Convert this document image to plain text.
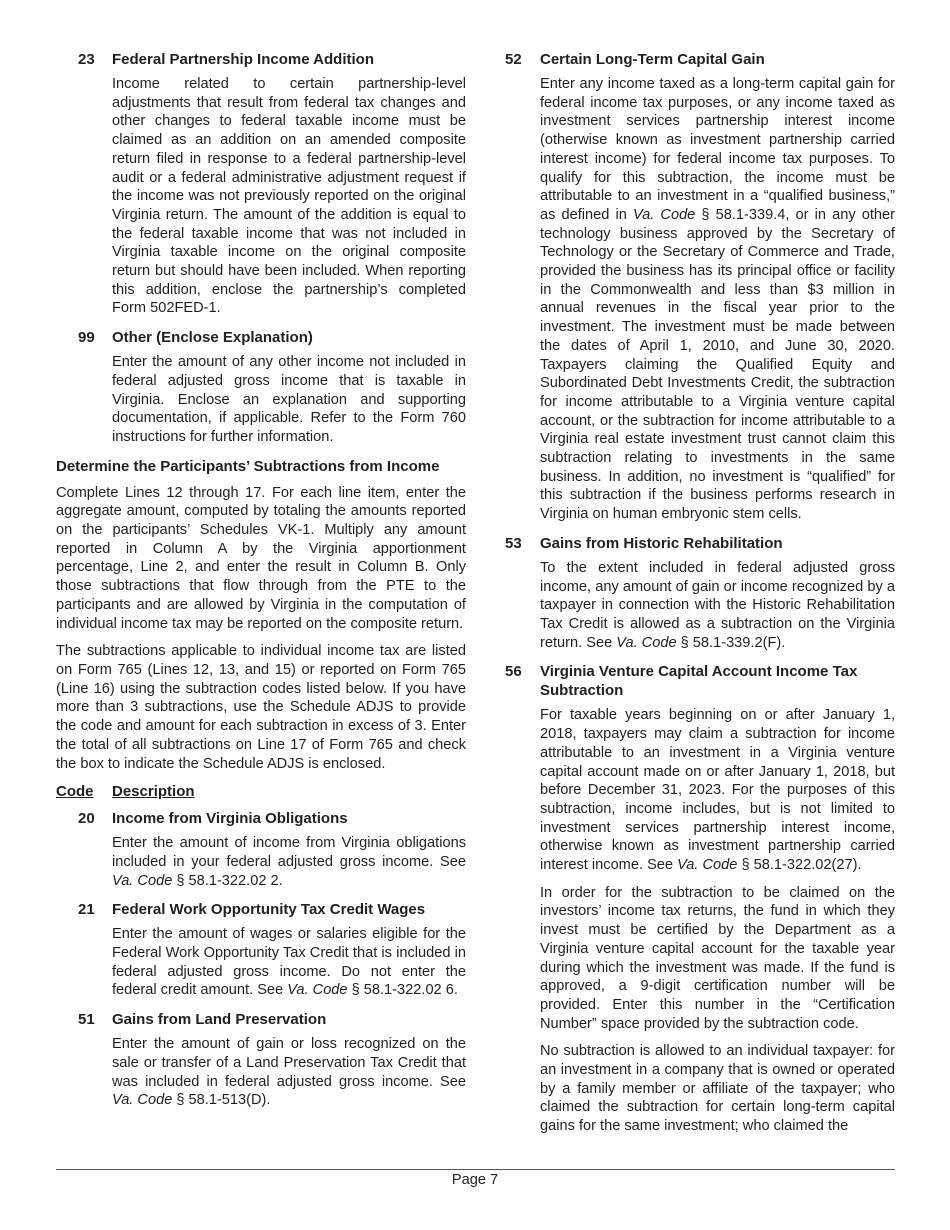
23	Federal Partnership Income Addition

Income related to certain partnership-level adjustments that result from federal tax changes and other changes to federal taxable income must be claimed as an addition on an amended composite return filed in response to a federal partnership-level audit or a federal administrative adjustment request if the income was not previously reported on the original Virginia return. The amount of the addition is equal to the federal taxable income that was not included in Virginia taxable income on the original composite return but should have been included. When reporting this addition, enclose the partnership’s completed Form 502FED-1.

99	Other (Enclose Explanation)

Enter the amount of any other income not included in federal adjusted gross income that is taxable in Virginia. Enclose an explanation and supporting documentation, if applicable. Refer to the Form 760 instructions for further information.

Determine the Participants’ Subtractions from Income

Complete Lines 12 through 17. For each line item, enter the aggregate amount, computed by totaling the amounts reported on the participants’ Schedules VK-1. Multiply any amount reported in Column A by the Virginia apportionment percentage, Line 2, and enter the result in Column B. Only those subtractions that flow through from the PTE to the participants and are allowed by Virginia in the computation of individual income tax may be reported on the composite return.

The subtractions applicable to individual income tax are listed on Form 765 (Lines 12, 13, and 15) or reported on Form 765 (Line 16) using the subtraction codes listed below. If you have more than 3 subtractions, use the Schedule ADJS to provide the code and amount for each subtraction in excess of 3. Enter the total of all subtractions on Line 17 of Form 765 and check the box to indicate the Schedule ADJS is enclosed.

Code	Description
20	Income from Virginia Obligations

Enter the amount of income from Virginia obligations included in your federal adjusted gross income. See Va. Code § 58.1-322.02 2.

21	Federal Work Opportunity Tax Credit Wages

Enter the amount of wages or salaries eligible for the Federal Work Opportunity Tax Credit that is included in federal adjusted gross income. Do not enter the federal credit amount. See Va. Code § 58.1-322.02 6.

51	Gains from Land Preservation

Enter the amount of gain or loss recognized on the sale or transfer of a Land Preservation Tax Credit that was included in federal adjusted gross income. See Va. Code § 58.1-513(D).

52	Certain Long-Term Capital Gain

Enter any income taxed as a long-term capital gain for federal income tax purposes, or any income taxed as investment services partnership interest income (otherwise known as investment partnership carried interest income) for federal income tax purposes. To qualify for this subtraction, the income must be attributable to an investment in a “qualified business,” as defined in Va. Code § 58.1-339.4, or in any other technology business approved by the Secretary of Technology or the Secretary of Commerce and Trade, provided the business has its principal office or facility in the Commonwealth and less than $3 million in annual revenues in the fiscal year prior to the investment. The investment must be made between the dates of April 1, 2010, and June 30, 2020. Taxpayers claiming the Qualified Equity and Subordinated Debt Investments Credit, the subtraction for income attributable to a Virginia venture capital account, or the subtraction for income attributable to a Virginia real estate investment trust cannot claim this subtraction relating to investments in the same business. In addition, no investment is “qualified” for this subtraction if the business performs research in Virginia on human embryonic stem cells.

53	Gains from Historic Rehabilitation

To the extent included in federal adjusted gross income, any amount of gain or income recognized by a taxpayer in connection with the Historic Rehabilitation Tax Credit is allowed as a subtraction on the Virginia return. See Va. Code § 58.1-339.2(F).

56	Virginia Venture Capital Account Income Tax Subtraction

For taxable years beginning on or after January 1, 2018, taxpayers may claim a subtraction for income attributable to an investment in a Virginia venture capital account made on or after January 1, 2018, but before December 31, 2023. For the purposes of this subtraction, income includes, but is not limited to investment services partnership interest income, otherwise known as investment partnership carried interest income. See Va. Code § 58.1-322.02(27).

In order for the subtraction to be claimed on the investors’ income tax returns, the fund in which they invest must be certified by the Department as a Virginia venture capital account for the taxable year during which the investment was made. If the fund is approved, a 9-digit certification number will be provided. Enter this number in the “Certification Number” space provided by the subtraction code.

No subtraction is allowed to an individual taxpayer: for an investment in a company that is owned or operated by a family member or affiliate of the taxpayer; who claimed the subtraction for certain long-term capital gains for the same investment; who claimed the

Page 7
